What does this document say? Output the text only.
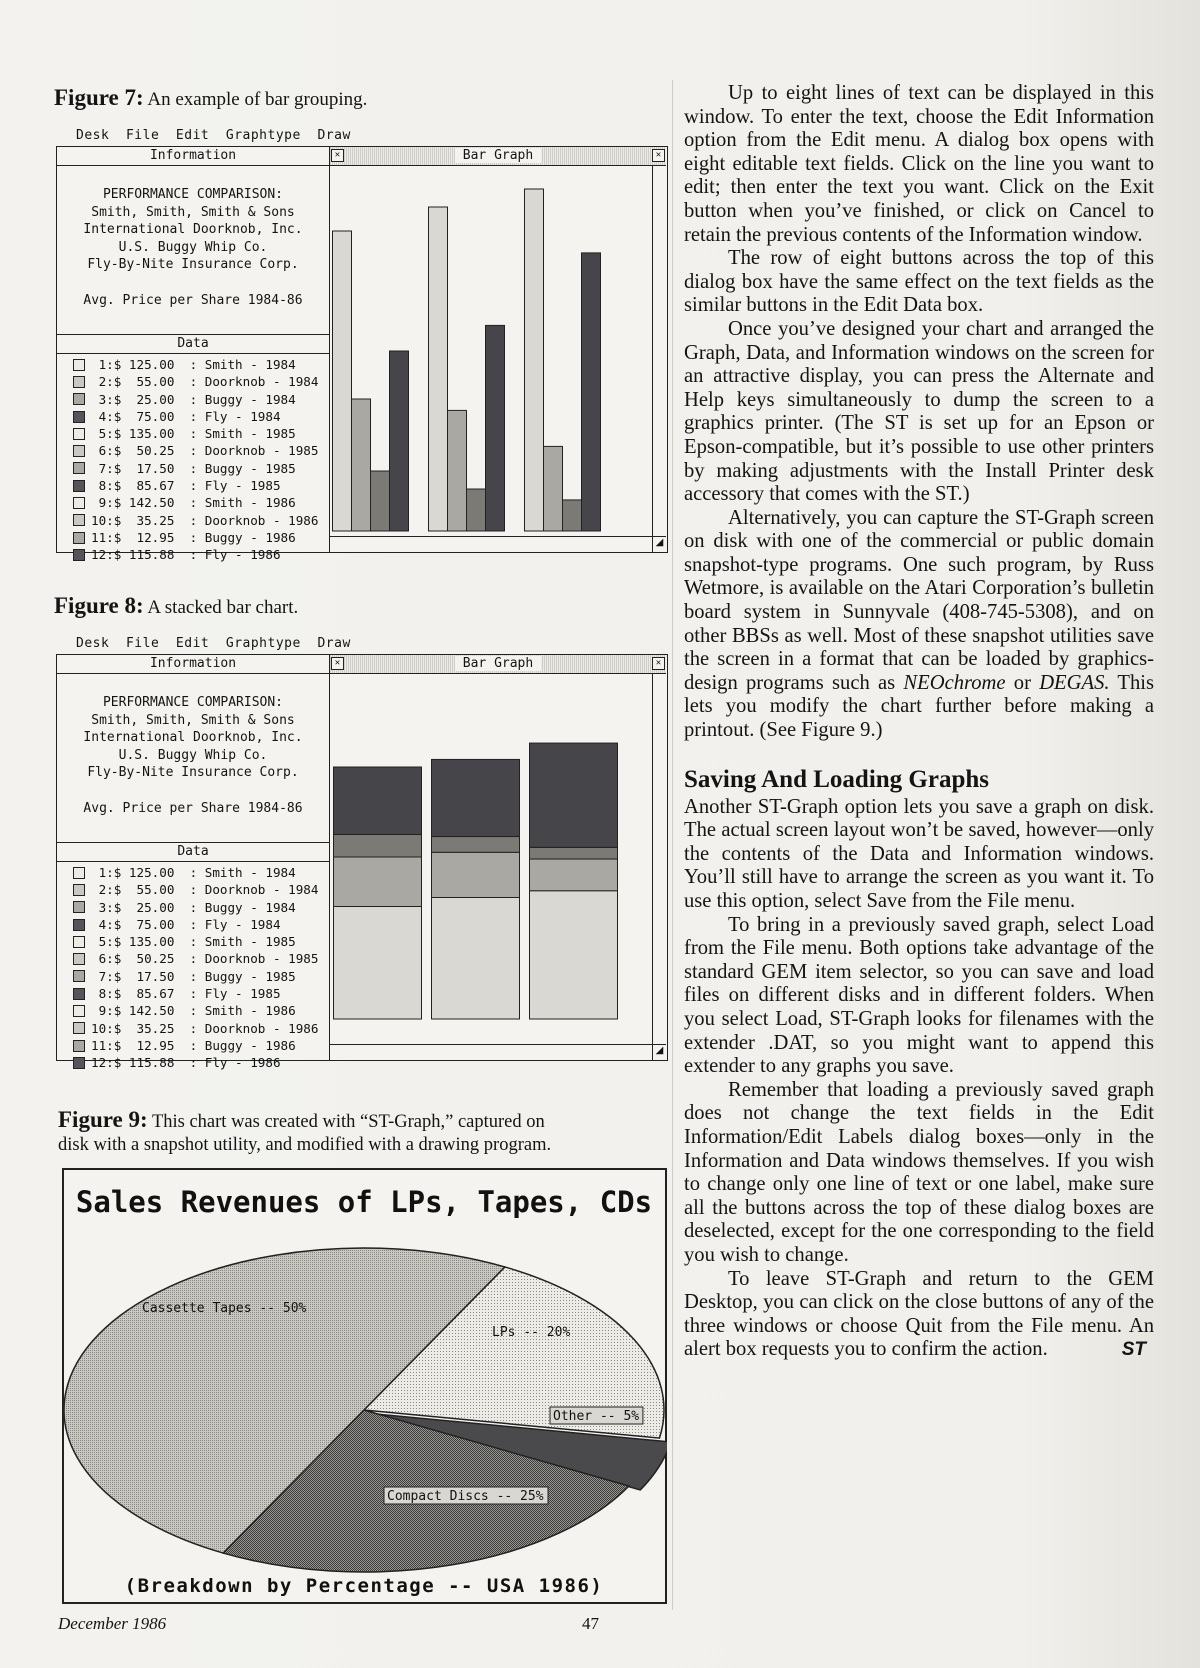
Figure 7: An example of bar grouping.
Desk  File  Edit  Graphtype  Draw
Information
PERFORMANCE COMPARISON:
Smith, Smith, Smith & Sons
International Doorknob, Inc.
U.S. Buggy Whip Co.
Fly-By-Nite Insurance Corp.
Avg. Price per Share 1984-86
Data
1:$ 125.00  : Smith - 1984
2:$  55.00  : Doorknob - 1984
3:$  25.00  : Buggy - 1984
4:$  75.00  : Fly - 1984
5:$ 135.00  : Smith - 1985
6:$  50.25  : Doorknob - 1985
7:$  17.50  : Buggy - 1985
8:$  85.67  : Fly - 1985
9:$ 142.50  : Smith - 1986
10:$  35.25  : Doorknob - 1986
11:$  12.95  : Buggy - 1986
12:$ 115.88  : Fly - 1986
✕	Bar Graph	✕
◢
Figure 8: A stacked bar chart.
Desk  File  Edit  Graphtype  Draw
Information
PERFORMANCE COMPARISON:
Smith, Smith, Smith & Sons
International Doorknob, Inc.
U.S. Buggy Whip Co.
Fly-By-Nite Insurance Corp.
Avg. Price per Share 1984-86
Data
1:$ 125.00  : Smith - 1984
2:$  55.00  : Doorknob - 1984
3:$  25.00  : Buggy - 1984
4:$  75.00  : Fly - 1984
5:$ 135.00  : Smith - 1985
6:$  50.25  : Doorknob - 1985
7:$  17.50  : Buggy - 1985
8:$  85.67  : Fly - 1985
9:$ 142.50  : Smith - 1986
10:$  35.25  : Doorknob - 1986
11:$  12.95  : Buggy - 1986
12:$ 115.88  : Fly - 1986
✕	Bar Graph	✕
◢
Figure 9: This chart was created with “ST-Graph,” captured on
disk with a snapshot utility, and modified with a drawing program.
Sales Revenues of LPs, Tapes, CDs
LPs -- 20%
Other -- 5%
Compact Discs -- 25%
Cassette Tapes -- 50%
(Breakdown by Percentage -- USA 1986)

Up to eight lines of text can be displayed in this window. To enter the text, choose the Edit Information option from the Edit menu. A dialog box opens with eight editable text fields. Click on the line you want to edit; then enter the text you want. Click on the Exit button when you’ve finished, or click on Cancel to retain the previous contents of the Information window.

The row of eight buttons across the top of this dialog box have the same effect on the text fields as the similar buttons in the Edit Data box.

Once you’ve designed your chart and arranged the Graph, Data, and Information windows on the screen for an attractive display, you can press the Alternate and Help keys simultaneously to dump the screen to a graphics printer. (The ST is set up for an Epson or Epson-compatible, but it’s possible to use other printers by making adjustments with the Install Printer desk accessory that comes with the ST.)

Alternatively, you can capture the ST-Graph screen on disk with one of the commercial or public domain snapshot-type programs. One such program, by Russ Wetmore, is available on the Atari Corporation’s bulletin board system in Sunnyvale (408-745-5308), and on other BBSs as well. Most of these snapshot utilities save the screen in a format that can be loaded by graphics-design programs such as NEOchrome or DEGAS. This lets you modify the chart further before making a printout. (See Figure 9.)

Saving And Loading Graphs

Another ST-Graph option lets you save a graph on disk. The actual screen layout won’t be saved, however—only the contents of the Data and Information windows. You’ll still have to arrange the screen as you want it. To use this option, select Save from the File menu.

To bring in a previously saved graph, select Load from the File menu. Both options take advantage of the standard GEM item selector, so you can save and load files on different disks and in different folders. When you select Load, ST-Graph looks for filenames with the extender .DAT, so you might want to append this extender to any graphs you save.

Remember that loading a previously saved graph does not change the text fields in the Edit Information/Edit Labels dialog boxes—only in the Information and Data windows themselves. If you wish to change only one line of text or one label, make sure all the buttons across the top of these dialog boxes are deselected, except for the one corresponding to the field you wish to change.

To leave ST-Graph and return to the GEM Desktop, you can click on the close buttons of any of the three windows or choose Quit from the File menu. An alert box requests you to confirm the action.	ST

December 1986	47
